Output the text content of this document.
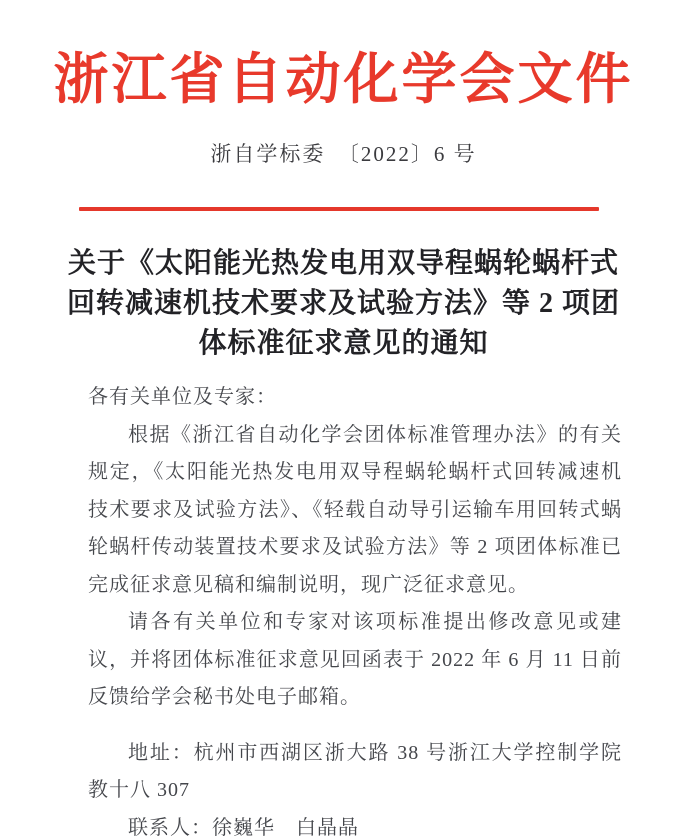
浙江省自动化学会文件
浙自学标委　〔2022〕6 号
关于《太阳能光热发电用双导程蜗轮蜗杆式
回转减速机技术要求及试验方法》等 2 项团
体标准征求意见的通知

各有关单位及专家：

根据《浙江省自动化学会团体标准管理办法》的有关规定，《太阳能光热发电用双导程蜗轮蜗杆式回转减速机技术要求及试验方法》、《轻载自动导引运输车用回转式蜗轮蜗杆传动装置技术要求及试验方法》等 2 项团体标准已完成征求意见稿和编制说明，现广泛征求意见。

请各有关单位和专家对该项标准提出修改意见或建议，并将团体标准征求意见回函表于 2022 年 6 月 11 日前反馈给学会秘书处电子邮箱。

地址：杭州市西湖区浙大路 38 号浙江大学控制学院教十八 307

联系人：徐巍华　白晶晶
